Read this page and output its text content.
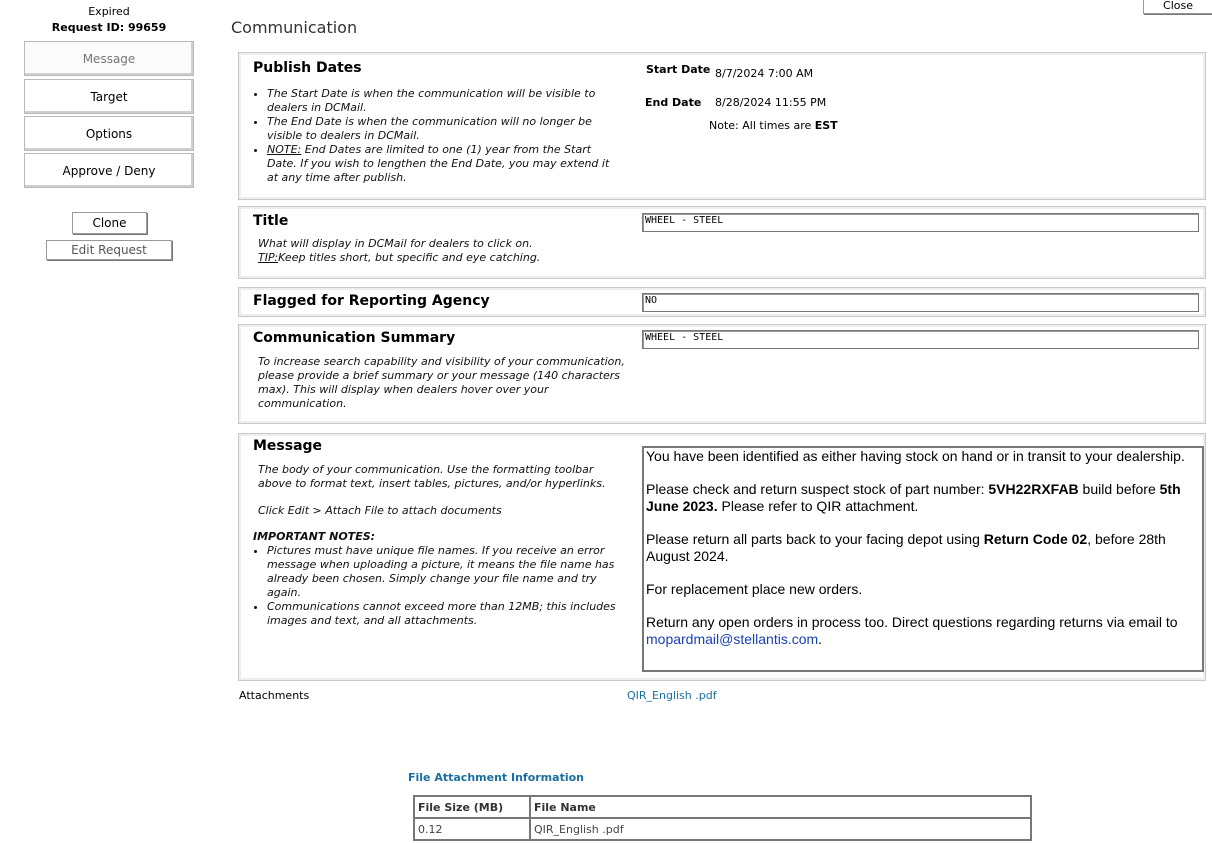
Expired
Request ID: 99659
Message
Target
Options
Approve / Deny
Clone
Edit Request
Close
Communication
Publish Dates
• The Start Date is when the communication will be visible to dealers in DCMail.
• The End Date is when the communication will no longer be visible to dealers in DCMail.
• NOTE: End Dates are limited to one (1) year from the Start Date. If you wish to lengthen the End Date, you may extend it at any time after publish.
Start Date 8/7/2024 7:00 AM
End Date 8/28/2024 11:55 PM
Note: All times are EST
Title
What will display in DCMail for dealers to click on.
TIP:Keep titles short, but specific and eye catching.
WHEEL - STEEL
Flagged for Reporting Agency	NO
Communication Summary
To increase search capability and visibility of your communication, please provide a brief summary or your message (140 characters max). This will display when dealers hover over your communication.
WHEEL - STEEL
Message
The body of your communication. Use the formatting toolbar above to format text, insert tables, pictures, and/or hyperlinks.
Click Edit > Attach File to attach documents
IMPORTANT NOTES:
• Pictures must have unique file names. If you receive an error message when uploading a picture, it means the file name has already been chosen. Simply change your file name and try again.
• Communications cannot exceed more than 12MB; this includes images and text, and all attachments.

You have been identified as either having stock on hand or in transit to your dealership.

Please check and return suspect stock of part number: 5VH22RXFAB build before 5th June 2023. Please refer to QIR attachment.

Please return all parts back to your facing depot using Return Code 02, before 28th August 2024.

For replacement place new orders.

Return any open orders in process too. Direct questions regarding returns via email to mopardmail@stellantis.com.

Attachments	QIR_English .pdf
File Attachment Information
File Size (MB)	File Name
0.12	QIR_English .pdf
